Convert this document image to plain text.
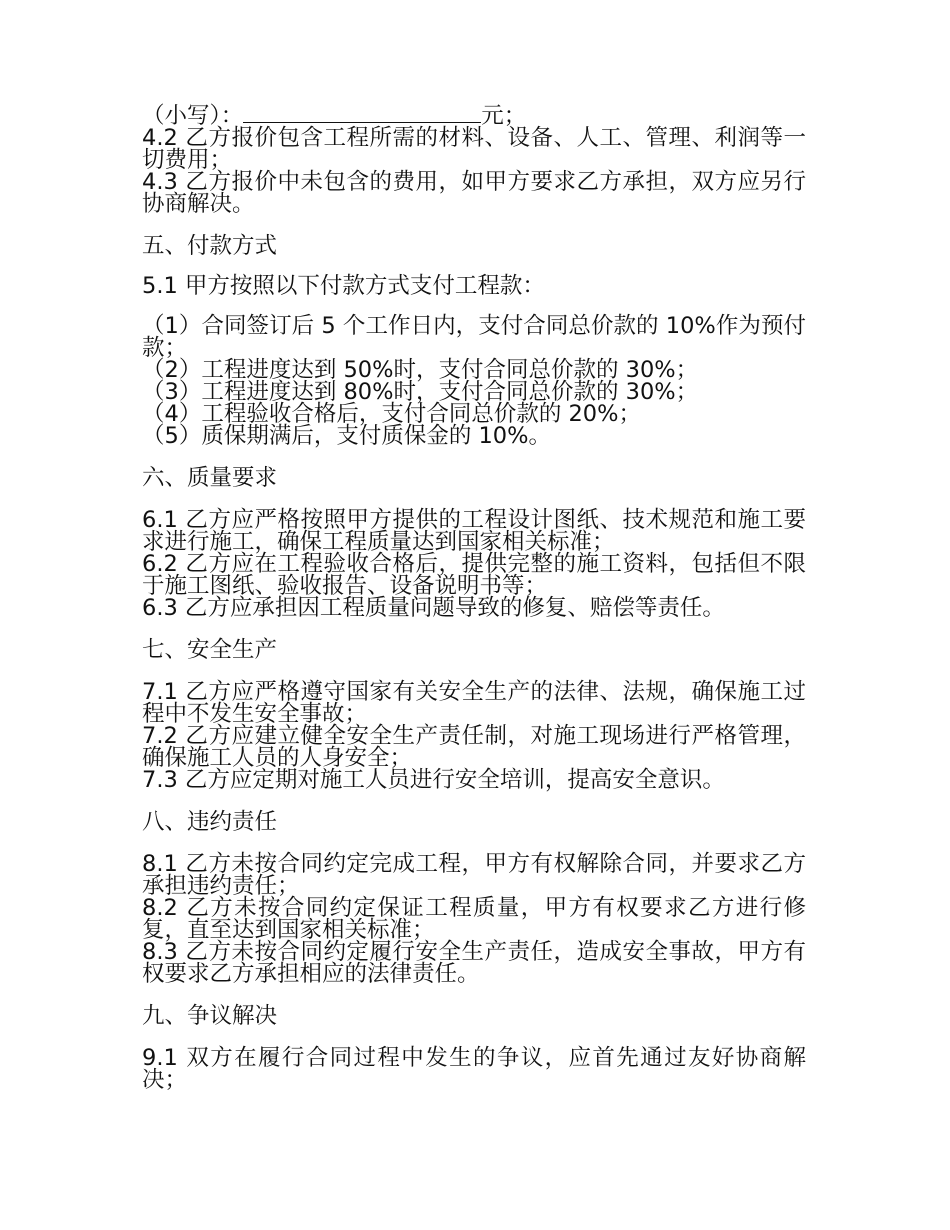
（小写）：	元；

4.2 乙方报价包含工程所需的材料、设备、人工、管理、利润等一切费用；

4.3 乙方报价中未包含的费用，如甲方要求乙方承担，双方应另行协商解决。

五、付款方式

5.1 甲方按照以下付款方式支付工程款：

（1）合同签订后 5 个工作日内，支付合同总价款的 10%作为预付款；

（2）工程进度达到 50%时，支付合同总价款的 30%；

（3）工程进度达到 80%时，支付合同总价款的 30%；

（4）工程验收合格后，支付合同总价款的 20%；

（5）质保期满后，支付质保金的 10%。

六、质量要求

6.1 乙方应严格按照甲方提供的工程设计图纸、技术规范和施工要求进行施工，确保工程质量达到国家相关标准；

6.2 乙方应在工程验收合格后，提供完整的施工资料，包括但不限于施工图纸、验收报告、设备说明书等；

6.3 乙方应承担因工程质量问题导致的修复、赔偿等责任。

七、安全生产

7.1 乙方应严格遵守国家有关安全生产的法律、法规，确保施工过程中不发生安全事故；

7.2 乙方应建立健全安全生产责任制，对施工现场进行严格管理，确保施工人员的人身安全；

7.3 乙方应定期对施工人员进行安全培训，提高安全意识。

八、违约责任

8.1 乙方未按合同约定完成工程，甲方有权解除合同，并要求乙方承担违约责任；

8.2 乙方未按合同约定保证工程质量，甲方有权要求乙方进行修复，直至达到国家相关标准；

8.3 乙方未按合同约定履行安全生产责任，造成安全事故，甲方有权要求乙方承担相应的法律责任。

九、争议解决

9.1 双方在履行合同过程中发生的争议，应首先通过友好协商解决；
